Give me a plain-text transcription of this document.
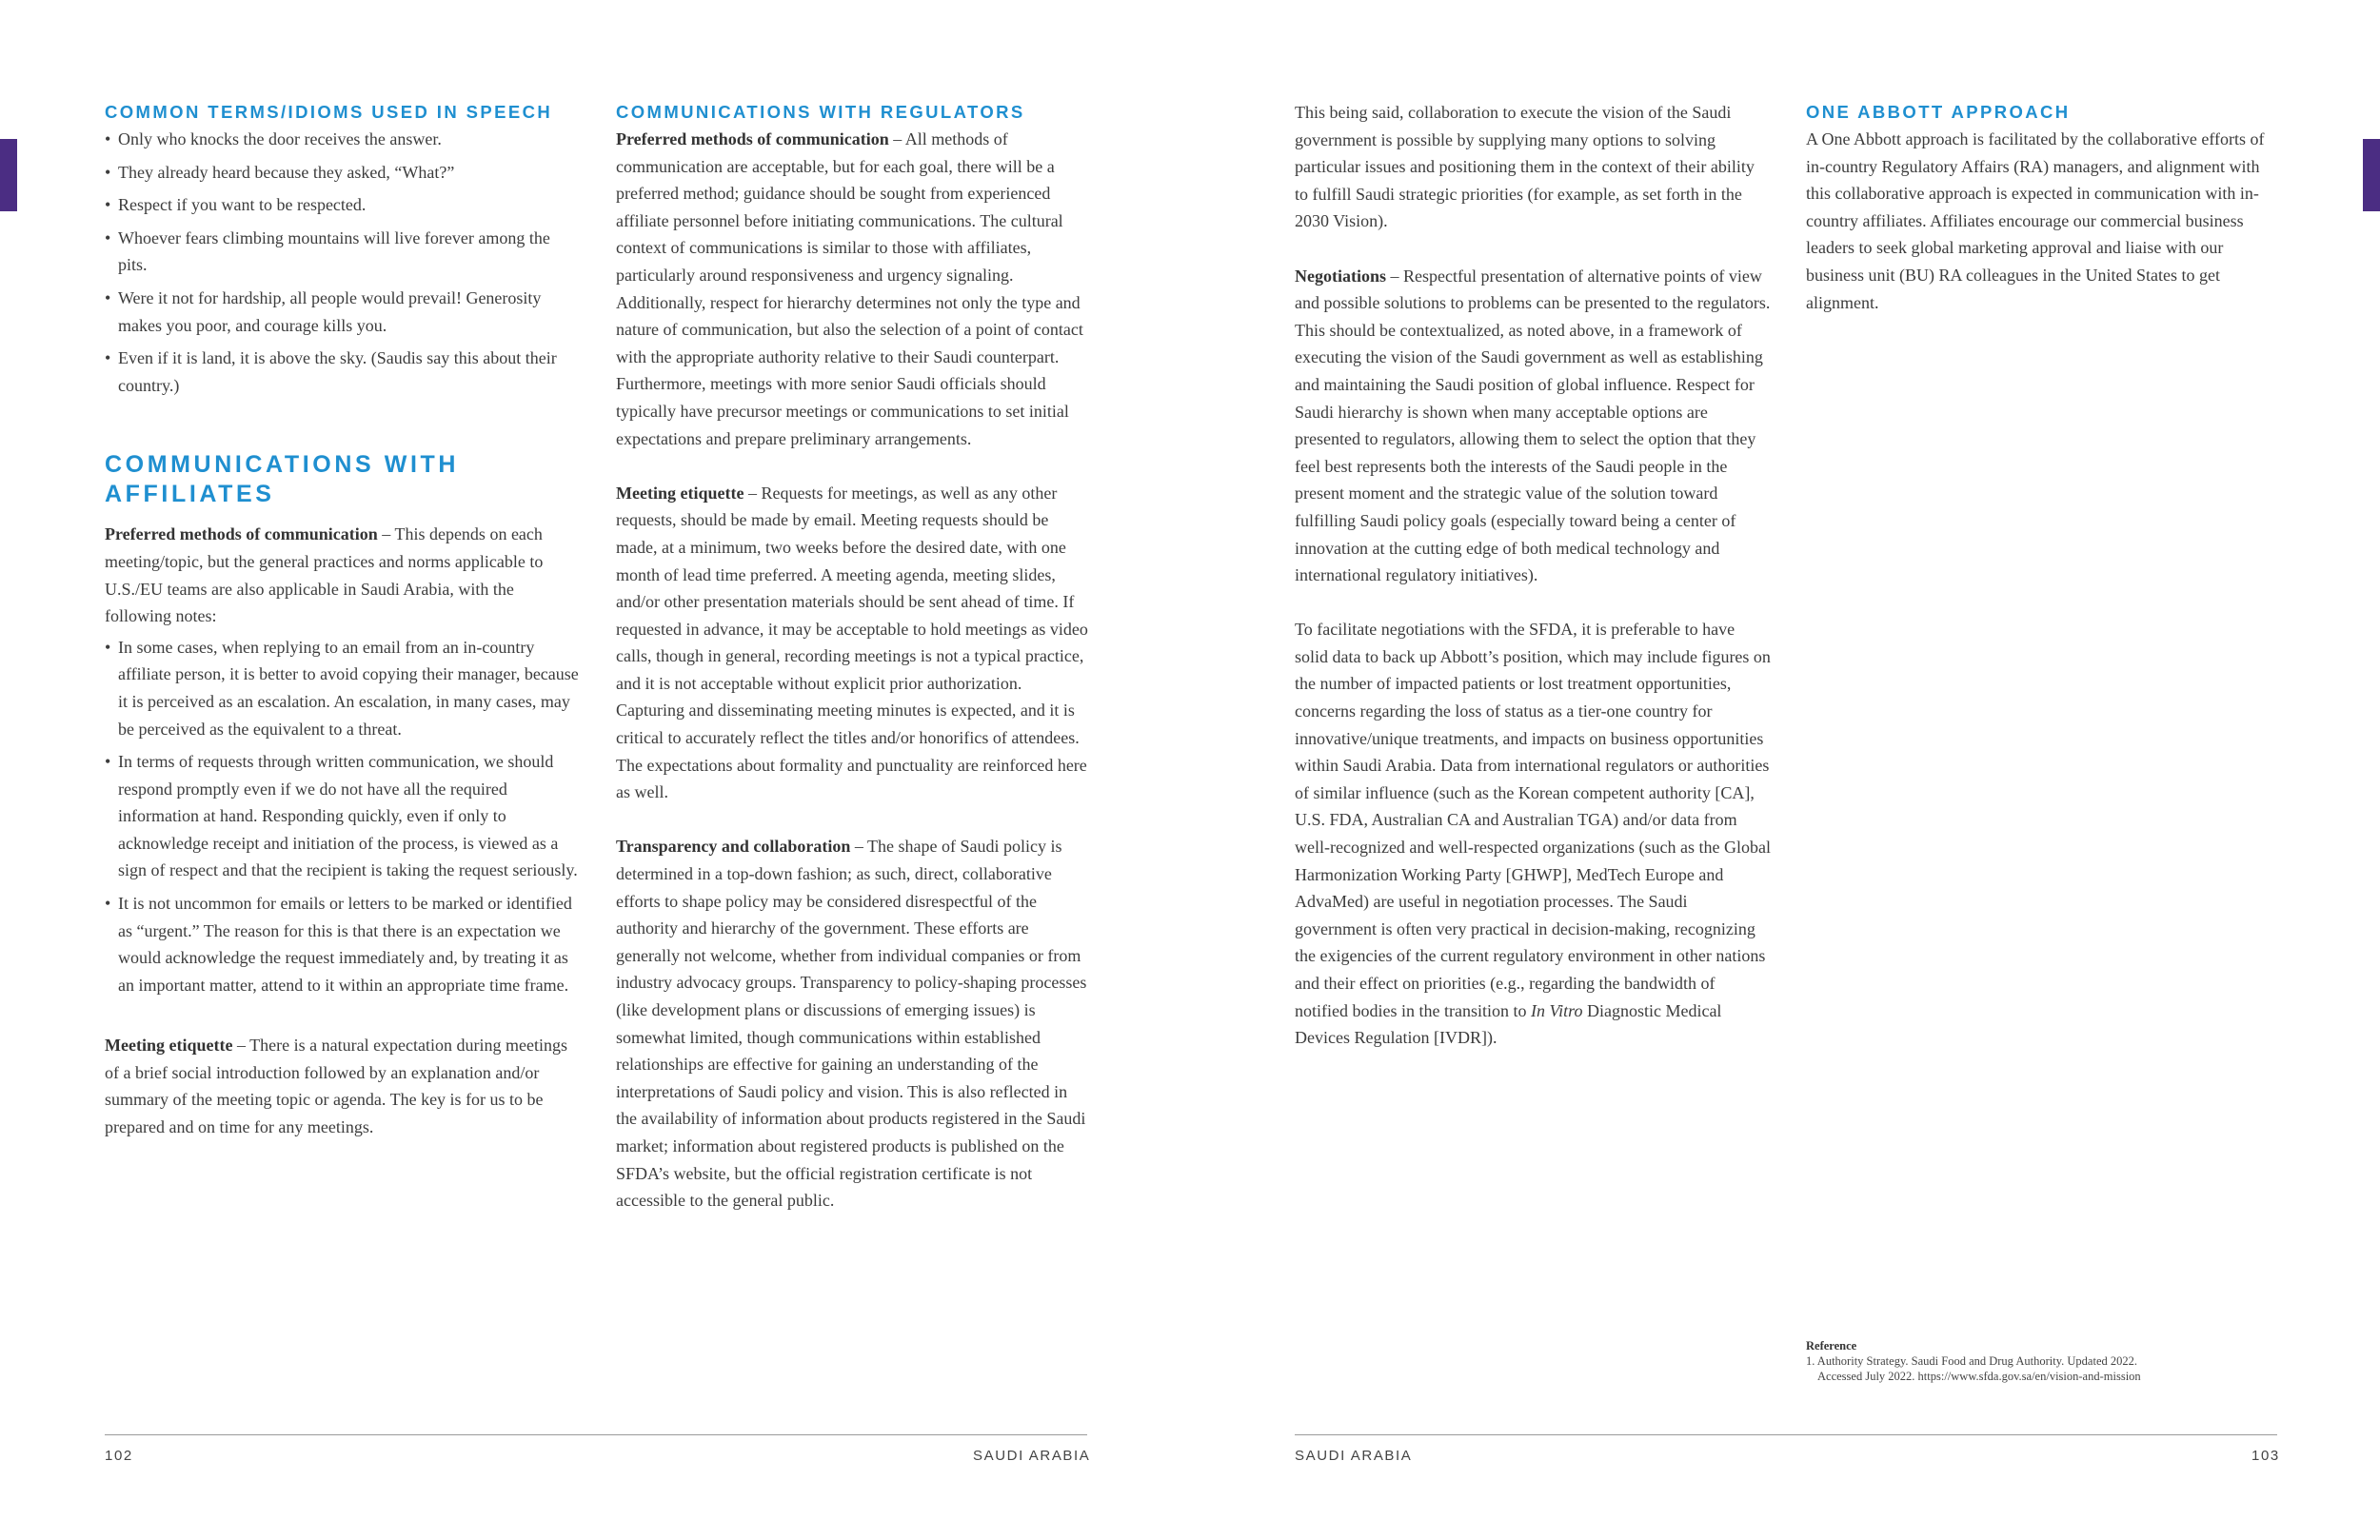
COMMON TERMS/IDIOMS USED IN SPEECH
• Only who knocks the door receives the answer.
• They already heard because they asked, “What?”
• Respect if you want to be respected.
• Whoever fears climbing mountains will live forever among the pits.
• Were it not for hardship, all people would prevail! Generosity makes you poor, and courage kills you.
• Even if it is land, it is above the sky. (Saudis say this about their country.)
COMMUNICATIONS WITH AFFILIATES

Preferred methods of communication – This depends on each meeting/topic, but the general practices and norms applicable to U.S./EU teams are also applicable in Saudi Arabia, with the following notes:

• In some cases, when replying to an email from an in-country affiliate person, it is better to avoid copying their manager, because it is perceived as an escalation. An escalation, in many cases, may be perceived as the equivalent to a threat.
• In terms of requests through written communication, we should respond promptly even if we do not have all the required information at hand. Responding quickly, even if only to acknowledge receipt and initiation of the process, is viewed as a sign of respect and that the recipient is taking the request seriously.
• It is not uncommon for emails or letters to be marked or identified as “urgent.” The reason for this is that there is an expectation we would acknowledge the request immediately and, by treating it as an important matter, attend to it within an appropriate time frame.

Meeting etiquette – There is a natural expectation during meetings of a brief social introduction followed by an explanation and/or summary of the meeting topic or agenda. The key is for us to be prepared and on time for any meetings.

COMMUNICATIONS WITH REGULATORS

Preferred methods of communication – All methods of communication are acceptable, but for each goal, there will be a preferred method; guidance should be sought from experienced affiliate personnel before initiating communications. The cultural context of communications is similar to those with affiliates, particularly around responsiveness and urgency signaling. Additionally, respect for hierarchy determines not only the type and nature of communication, but also the selection of a point of contact with the appropriate authority relative to their Saudi counterpart. Furthermore, meetings with more senior Saudi officials should typically have precursor meetings or communications to set initial expectations and prepare preliminary arrangements.

Meeting etiquette – Requests for meetings, as well as any other requests, should be made by email. Meeting requests should be made, at a minimum, two weeks before the desired date, with one month of lead time preferred. A meeting agenda, meeting slides, and/or other presentation materials should be sent ahead of time. If requested in advance, it may be acceptable to hold meetings as video calls, though in general, recording meetings is not a typical practice, and it is not acceptable without explicit prior authorization. Capturing and disseminating meeting minutes is expected, and it is critical to accurately reflect the titles and/or honorifics of attendees. The expectations about formality and punctuality are reinforced here as well.

Transparency and collaboration – The shape of Saudi policy is determined in a top-down fashion; as such, direct, collaborative efforts to shape policy may be considered disrespectful of the authority and hierarchy of the government. These efforts are generally not welcome, whether from individual companies or from industry advocacy groups. Transparency to policy-shaping processes (like development plans or discussions of emerging issues) is somewhat limited, though communications within established relationships are effective for gaining an understanding of the interpretations of Saudi policy and vision. This is also reflected in the availability of information about products registered in the Saudi market; information about registered products is published on the SFDA’s website, but the official registration certificate is not accessible to the general public.

This being said, collaboration to execute the vision of the Saudi government is possible by supplying many options to solving particular issues and positioning them in the context of their ability to fulfill Saudi strategic priorities (for example, as set forth in the 2030 Vision).

Negotiations – Respectful presentation of alternative points of view and possible solutions to problems can be presented to the regulators. This should be contextualized, as noted above, in a framework of executing the vision of the Saudi government as well as establishing and maintaining the Saudi position of global influence. Respect for Saudi hierarchy is shown when many acceptable options are presented to regulators, allowing them to select the option that they feel best represents both the interests of the Saudi people in the present moment and the strategic value of the solution toward fulfilling Saudi policy goals (especially toward being a center of innovation at the cutting edge of both medical technology and international regulatory initiatives).

To facilitate negotiations with the SFDA, it is preferable to have solid data to back up Abbott’s position, which may include figures on the number of impacted patients or lost treatment opportunities, concerns regarding the loss of status as a tier-one country for innovative/unique treatments, and impacts on business opportunities within Saudi Arabia. Data from international regulators or authorities of similar influence (such as the Korean competent authority [CA], U.S. FDA, Australian CA and Australian TGA) and/or data from well-recognized and well-respected organizations (such as the Global Harmonization Working Party [GHWP], MedTech Europe and AdvaMed) are useful in negotiation processes. The Saudi government is often very practical in decision-making, recognizing the exigencies of the current regulatory environment in other nations and their effect on priorities (e.g., regarding the bandwidth of notified bodies in the transition to In Vitro Diagnostic Medical Devices Regulation [IVDR]).

ONE ABBOTT APPROACH

A One Abbott approach is facilitated by the collaborative efforts of in-country Regulatory Affairs (RA) managers, and alignment with this collaborative approach is expected in communication with in-country affiliates. Affiliates encourage our commercial business leaders to seek global marketing approval and liaise with our business unit (BU) RA colleagues in the United States to get alignment.

Reference
1. Authority Strategy. Saudi Food and Drug Authority. Updated 2022.
Accessed July 2022. https://www.sfda.gov.sa/en/vision-and-mission
102	SAUDI ARABIA	SAUDI ARABIA	103
